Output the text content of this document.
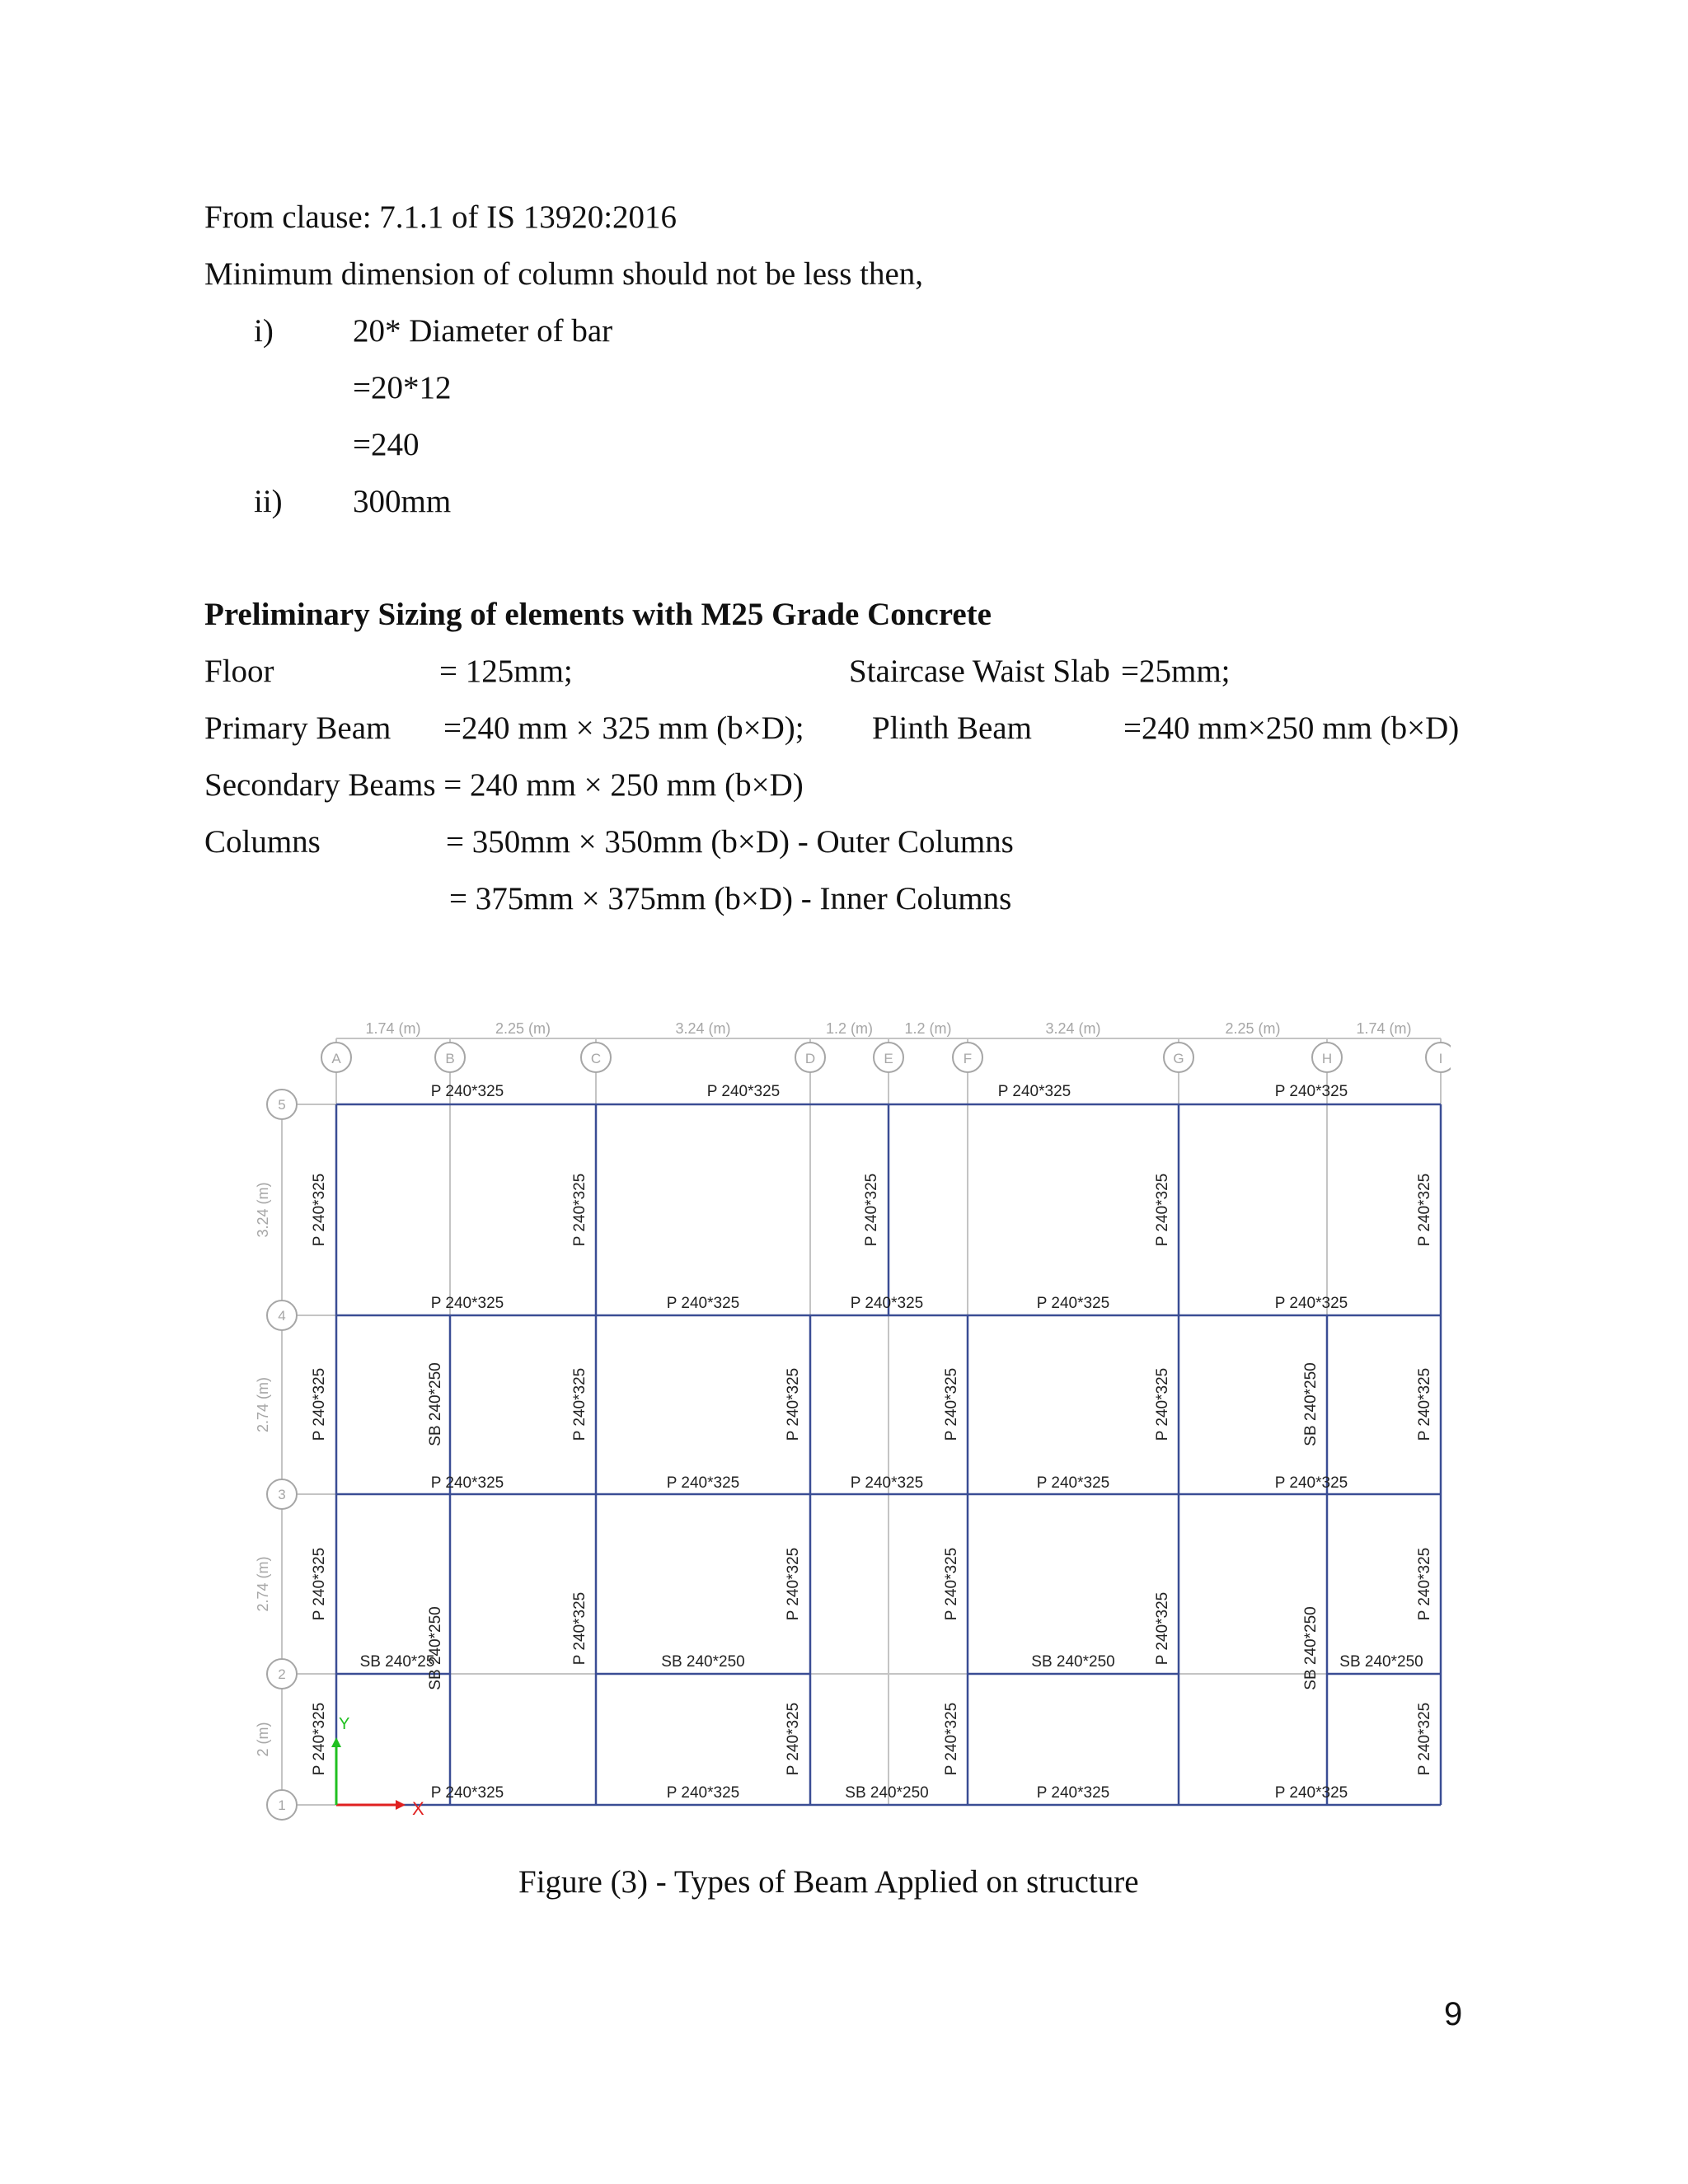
From clause: 7.1.1 of IS 13920:2016
Minimum dimension of column should not be less then,
i) 20* Diameter of bar
=20*12
=240
ii) 300mm
Preliminary Sizing of elements with M25 Grade Concrete
Floor	= 125mm;	Staircase Waist Slab =25mm;
Primary Beam =240 mm × 325 mm (b×D); Plinth Beam	=240 mm×250 mm (b×D)
Secondary Beams = 240 mm × 250 mm (b×D)
Columns	= 350mm × 350mm (b×D) - Outer Columns
= 375mm × 375mm (b×D) - Inner Columns
A
1.74 (m)
B
2.25 (m)
C
3.24 (m)
D
1.2 (m)
E
1.2 (m)
F
3.24 (m)
G
2.25 (m)
H
1.74 (m)
I
5
3.24 (m)
4
2.74 (m)
3
2.74 (m)
2
2 (m)
1
P 240*325	P 240*325	P 240*325	P 240*325
P 240*325	P 240*325	P 240*325	P 240*325	P 240*325
P 240*325	P 240*325	P 240*325	P 240*325	P 240*325
P 240*325	P 240*325	P 240*325	P 240*325
SB 240*25	SB 240*250	SB 240*250	SB 240*250
SB 240*250
P 240*325
P 240*325
P 240*325
P 240*325
P 240*325
P 240*325
P 240*325
P 240*325
P 240*325
P 240*325
P 240*325
P 240*325
P 240*325
P 240*325
P 240*325
P 240*325
P 240*325
P 240*325
P 240*325
P 240*325
P 240*325
SB 240*250
SB 240*250
SB 240*250
SB 240*250
X
Y
Figure (3) - Types of Beam Applied on structure
9
